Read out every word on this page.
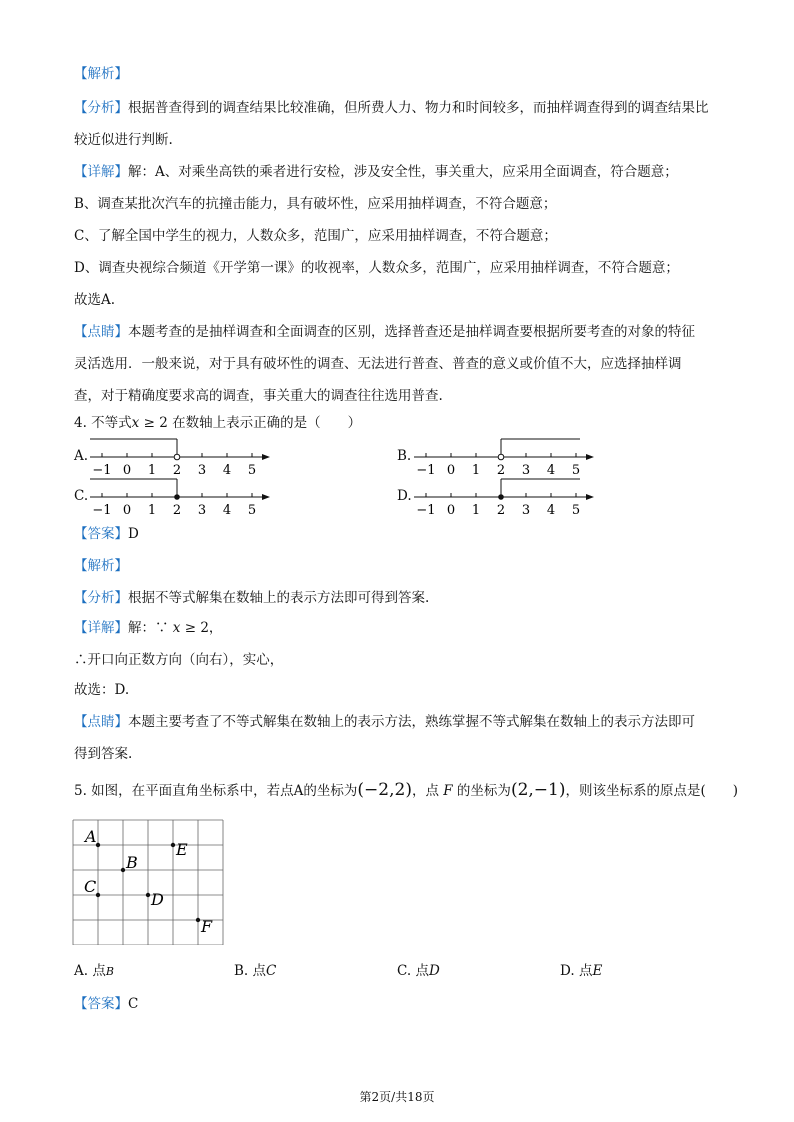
【解析】
【分析】根据普查得到的调查结果比较准确，但所费人力、物力和时间较多，而抽样调查得到的调查结果比
较近似进行判断.
【详解】解：A、对乘坐高铁的乘者进行安检，涉及安全性，事关重大，应采用全面调查，符合题意；
B、调查某批次汽车的抗撞击能力，具有破坏性，应采用抽样调查，不符合题意；
C、了解全国中学生的视力，人数众多，范围广，应采用抽样调查，不符合题意；
D、调查央视综合频道《开学第一课》的收视率，人数众多，范围广，应采用抽样调查，不符合题意；
故选A.
【点睛】本题考查的是抽样调查和全面调查的区别，选择普查还是抽样调查要根据所要考查的对象的特征
灵活选用．一般来说，对于具有破坏性的调查、无法进行普查、普查的意义或价值不大，应选择抽样调
查，对于精确度要求高的调查，事关重大的调查往往选用普查.
4. 不等式x ≥ 2 在数轴上表示正确的是（　　）
A.
−1 0 1 2 3 4 5
B.
−1 0 1 2 3 4 5
C.
−1 0 1 2 3 4 5
D.
−1 0 1 2 3 4 5
【答案】D
【解析】
【分析】根据不等式解集在数轴上的表示方法即可得到答案.
【详解】解：∵ x ≥ 2，
∴开口向正数方向（向右），实心，
故选：D.
【点睛】本题主要考查了不等式解集在数轴上的表示方法，熟练掌握不等式解集在数轴上的表示方法即可
得到答案.
5. 如图，在平面直角坐标系中，若点A的坐标为(−2,2)，点 F 的坐标为(2,−1)，则该坐标系的原点是(　　)
A
B
C
D
E
F
A. 点B	B. 点C	C. 点D	D. 点E
【答案】C
第2页/共18页
